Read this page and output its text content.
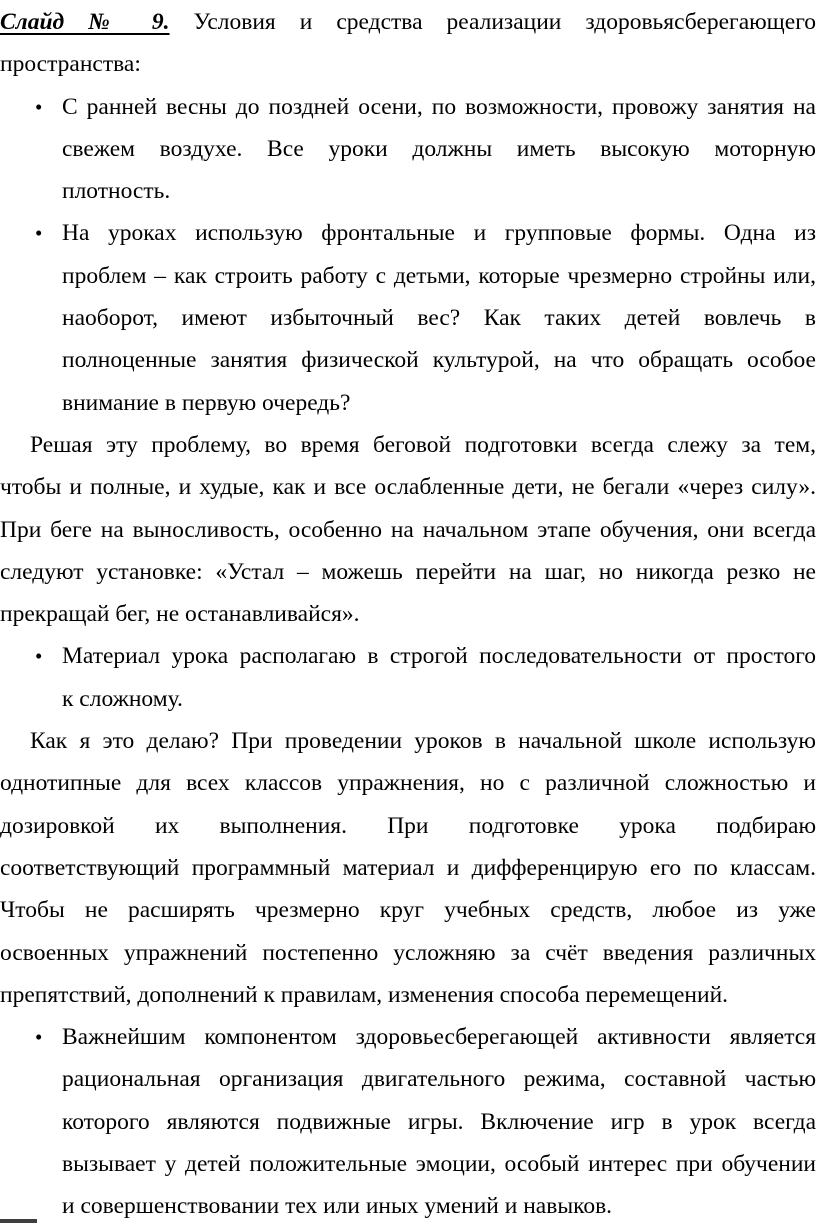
Слайд № 9. Условия и средства реализации здоровьясберегающего
пространства:
• С ранней весны до поздней осени, по возможности, провожу занятия на
свежем воздухе. Все уроки должны иметь высокую моторную
плотность.
• На уроках использую фронтальные и групповые формы. Одна из
проблем – как строить работу с детьми, которые чрезмерно стройны или,
наоборот, имеют избыточный вес? Как таких детей вовлечь в
полноценные занятия физической культурой, на что обращать особое
внимание в первую очередь?
Решая эту проблему, во время беговой подготовки всегда слежу за тем,
чтобы и полные, и худые, как и все ослабленные дети, не бегали «через силу».
При беге на выносливость, особенно на начальном этапе обучения, они всегда
следуют установке: «Устал – можешь перейти на шаг, но никогда резко не
прекращай бег, не останавливайся».
• Материал урока располагаю в строгой последовательности от простого
к сложному.
Как я это делаю? При проведении уроков в начальной школе использую
однотипные для всех классов упражнения, но с различной сложностью и
дозировкой их выполнения. При подготовке урока подбираю
соответствующий программный материал и дифференцирую его по классам.
Чтобы не расширять чрезмерно круг учебных средств, любое из уже
освоенных упражнений постепенно усложняю за счёт введения различных
препятствий, дополнений к правилам, изменения способа перемещений.
• Важнейшим компонентом здоровьесберегающей активности является
рациональная организация двигательного режима, составной частью
которого являются подвижные игры. Включение игр в урок всегда
вызывает у детей положительные эмоции, особый интерес при обучении
и совершенствовании тех или иных умений и навыков.
